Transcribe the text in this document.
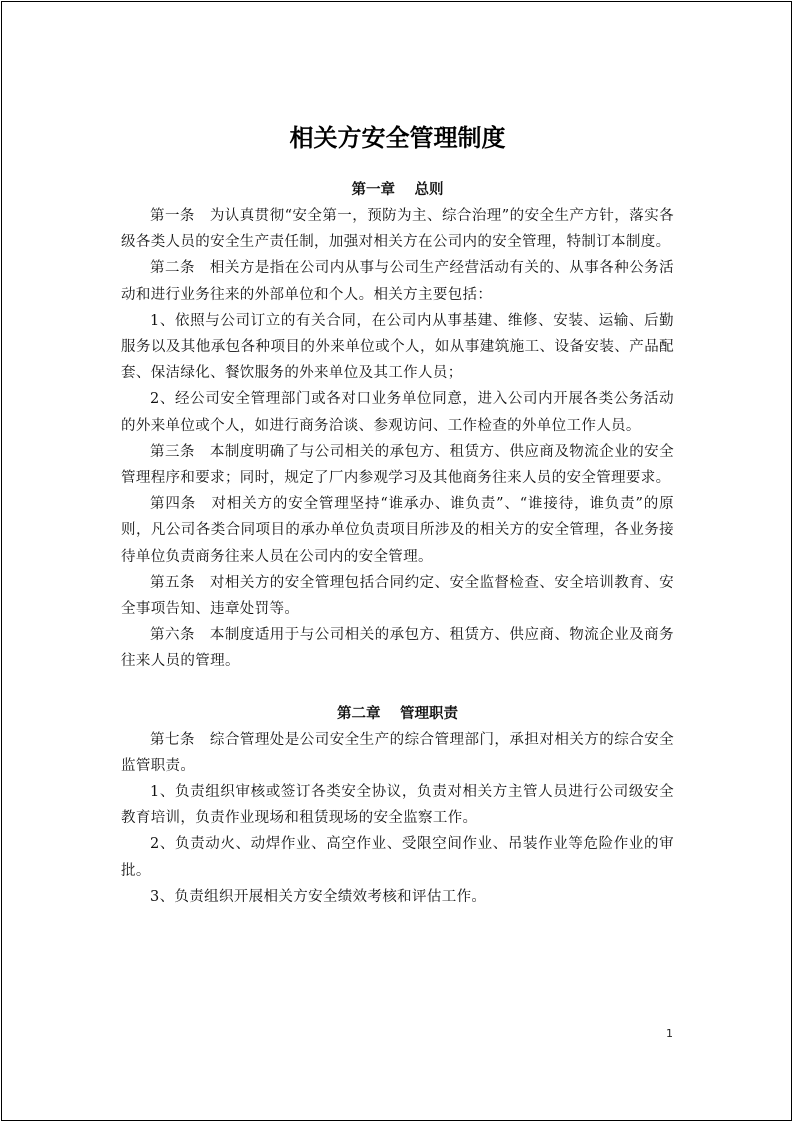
相关方安全管理制度
第一章　 总则

第一条　为认真贯彻“安全第一，预防为主、综合治理”的安全生产方针，落实各级各类人员的安全生产责任制，加强对相关方在公司内的安全管理，特制订本制度。

第二条　相关方是指在公司内从事与公司生产经营活动有关的、从事各种公务活动和进行业务往来的外部单位和个人。相关方主要包括：

1、依照与公司订立的有关合同，在公司内从事基建、维修、安装、运输、后勤服务以及其他承包各种项目的外来单位或个人，如从事建筑施工、设备安装、产品配套、保洁绿化、餐饮服务的外来单位及其工作人员；

2、经公司安全管理部门或各对口业务单位同意，进入公司内开展各类公务活动的外来单位或个人，如进行商务洽谈、参观访问、工作检查的外单位工作人员。

第三条　本制度明确了与公司相关的承包方、租赁方、供应商及物流企业的安全管理程序和要求；同时，规定了厂内参观学习及其他商务往来人员的安全管理要求。

第四条　对相关方的安全管理坚持“谁承办、谁负责”、“谁接待，谁负责”的原则，凡公司各类合同项目的承办单位负责项目所涉及的相关方的安全管理，各业务接待单位负责商务往来人员在公司内的安全管理。

第五条　对相关方的安全管理包括合同约定、安全监督检查、安全培训教育、安全事项告知、违章处罚等。

第六条　本制度适用于与公司相关的承包方、租赁方、供应商、物流企业及商务往来人员的管理。

第二章　 管理职责

第七条　综合管理处是公司安全生产的综合管理部门，承担对相关方的综合安全监管职责。

1、负责组织审核或签订各类安全协议，负责对相关方主管人员进行公司级安全教育培训，负责作业现场和租赁现场的安全监察工作。

2、负责动火、动焊作业、高空作业、受限空间作业、吊装作业等危险作业的审批。

3、负责组织开展相关方安全绩效考核和评估工作。

1
